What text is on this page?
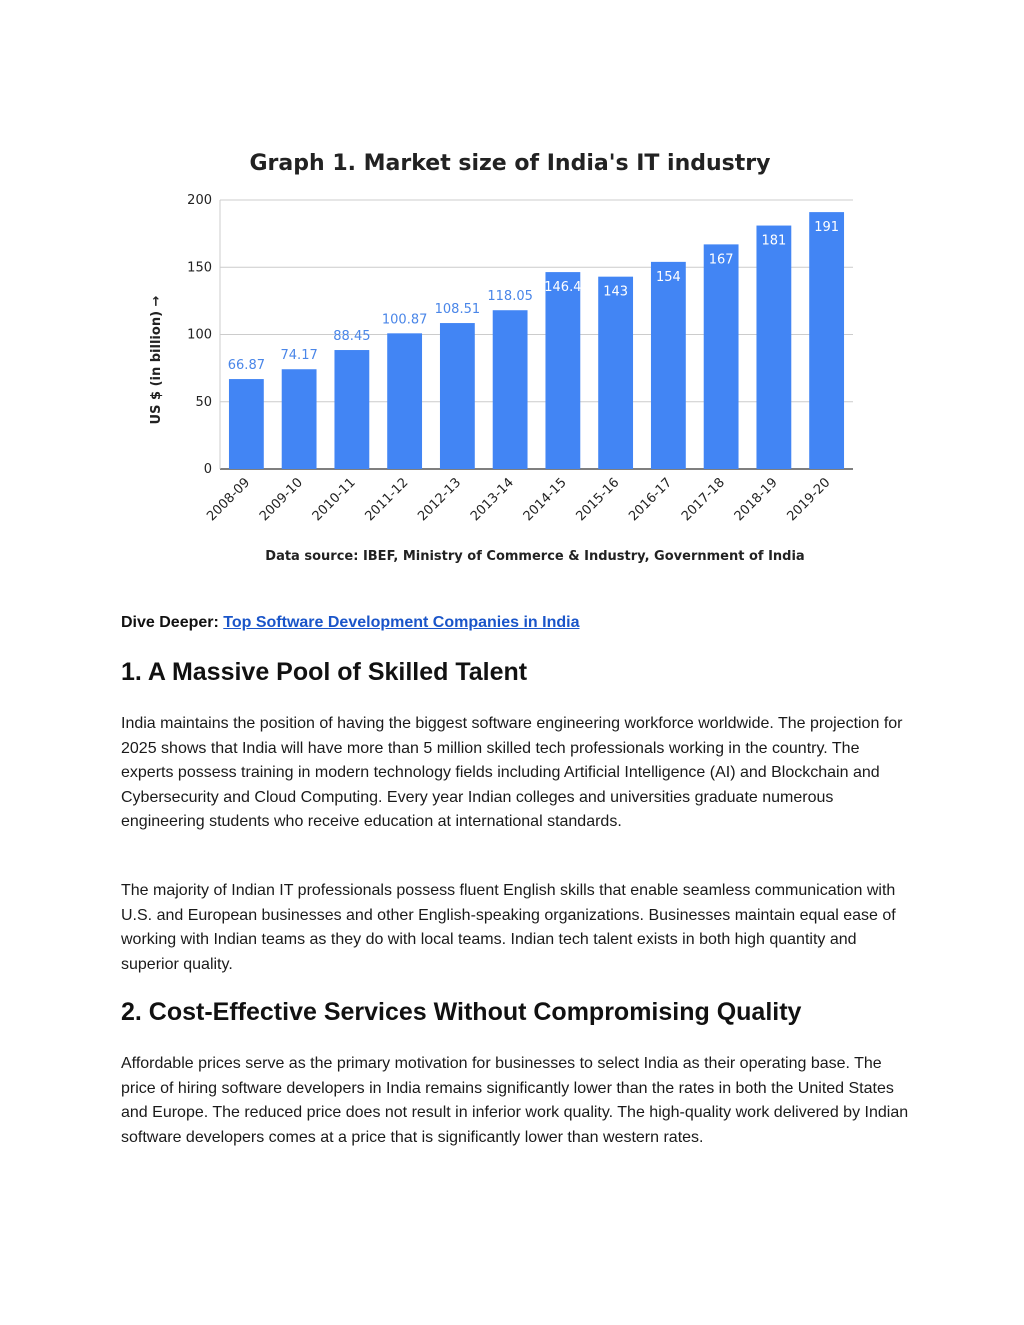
Graph 1. Market size of India's IT industry
0
50
100
150
200
66.87
74.17
88.45
100.87
108.51
118.05
146.4 143
154
167
181
191
2008-09 2009-10 2010-11 2011-12 2012-13 2013-14 2014-15 2015-16 2016-17 2017-18 2018-19 2019-20
US $ (in billion) →
Data source: IBEF, Ministry of Commerce & Industry, Government of India
Dive Deeper: Top Software Development Companies in India
1. A Massive Pool of Skilled Talent

India maintains the position of having the biggest software engineering workforce worldwide. The projection for 2025 shows that India will have more than 5 million skilled tech professionals working in the country. The experts possess training in modern technology fields including Artificial Intelligence (AI) and Blockchain and Cybersecurity and Cloud Computing. Every year Indian colleges and universities graduate numerous engineering students who receive education at international standards.

The majority of Indian IT professionals possess fluent English skills that enable seamless communication with U.S. and European businesses and other English-speaking organizations. Businesses maintain equal ease of working with Indian teams as they do with local teams. Indian tech talent exists in both high quantity and superior quality.

2. Cost-Effective Services Without Compromising Quality

Affordable prices serve as the primary motivation for businesses to select India as their operating base. The price of hiring software developers in India remains significantly lower than the rates in both the United States and Europe. The reduced price does not result in inferior work quality. The high-quality work delivered by Indian software developers comes at a price that is significantly lower than western rates.
